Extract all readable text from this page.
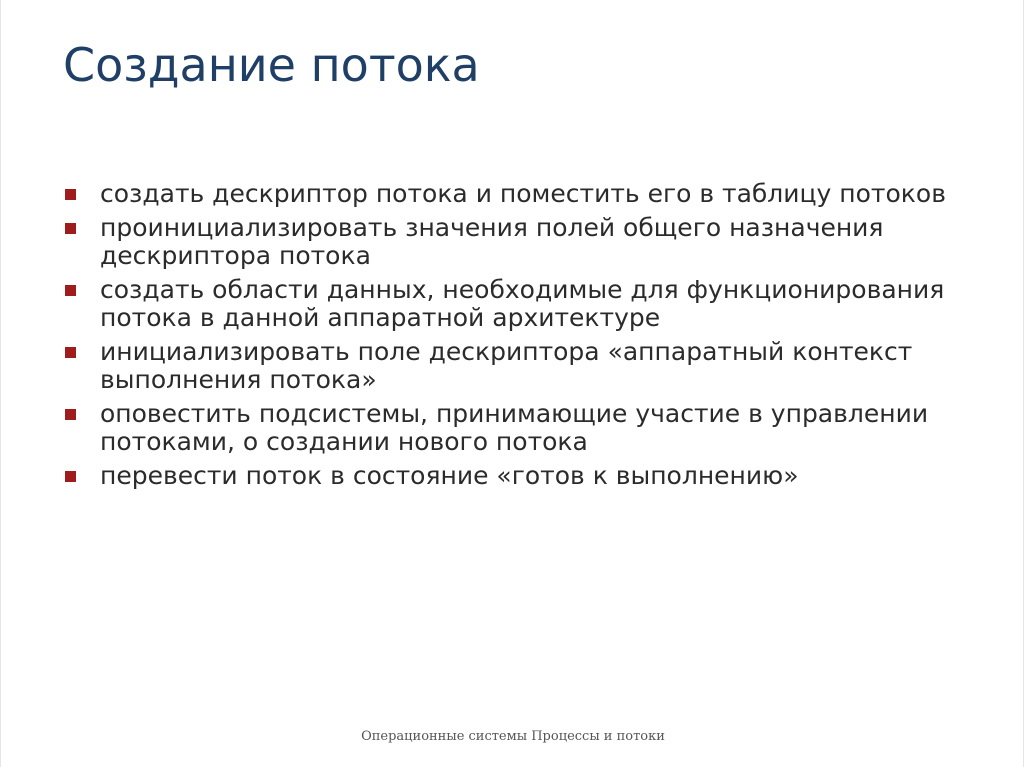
Создание потока
создать дескриптор потока и поместить его в таблицу потоков
проинициализировать значения полей общего назначения дескриптора потока
создать области данных, необходимые для функционирования потока в данной аппаратной архитектуре
инициализировать поле дескриптора «аппаратный контекст выполнения потока»
оповестить подсистемы, принимающие участие в управлении потоками, о создании нового потока
перевести поток в состояние «готов к выполнению»
Операционные системы Процессы и потоки
